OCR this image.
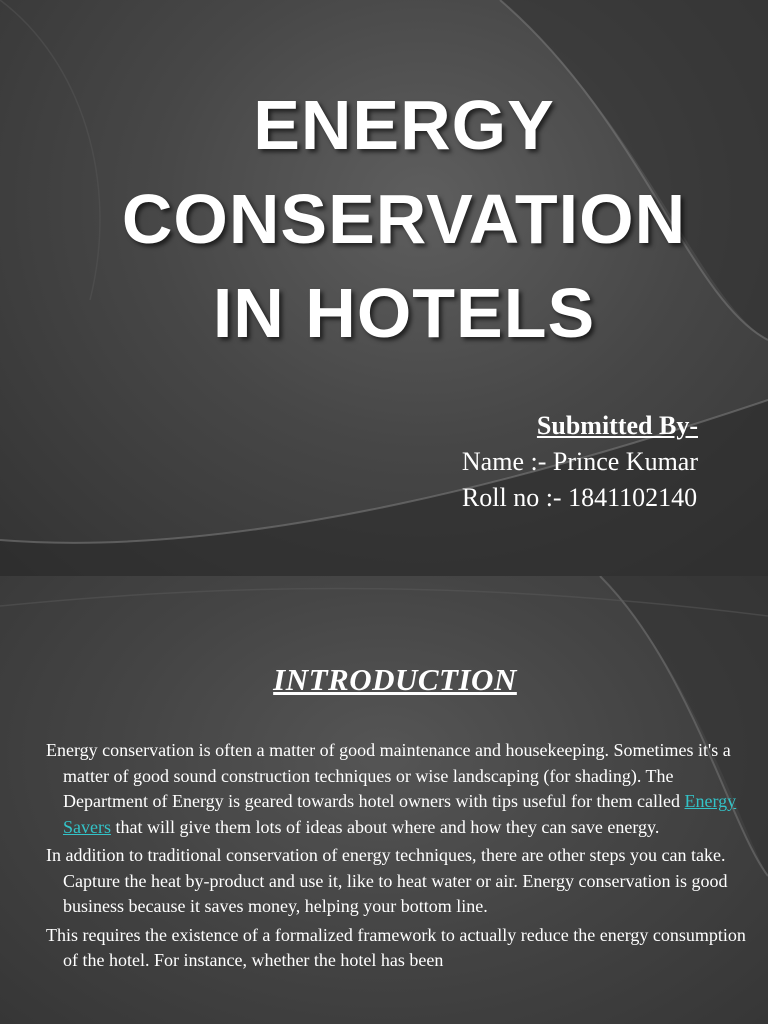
ENERGY
CONSERVATION
IN HOTELS
Submitted By-
Name :- Prince Kumar
Roll no :- 1841102140
INTRODUCTION

Energy conservation is often a matter of good maintenance and housekeeping. Sometimes it's a matter of good sound construction techniques or wise landscaping (for shading). The Department of Energy is geared towards hotel owners with tips useful for them called Energy Savers that will give them lots of ideas about where and how they can save energy.

In addition to traditional conservation of energy techniques, there are other steps you can take. Capture the heat by-product and use it, like to heat water or air. Energy conservation is good business because it saves money, helping your bottom line.

This requires the existence of a formalized framework to actually reduce the energy consumption of the hotel. For instance, whether the hotel has been
